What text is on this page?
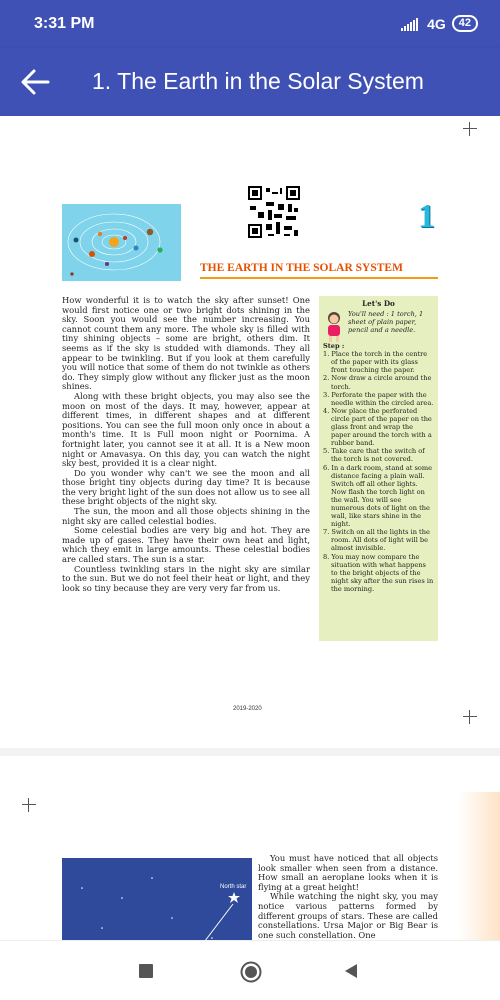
3:31 PM	4G	42
1. The Earth in the Solar System
1
THE EARTH IN THE SOLAR SYSTEM

How wonderful it is to watch the sky after sunset! One would first notice one or two bright dots shining in the sky. Soon you would see the number increasing. You cannot count them any more. The whole sky is filled with tiny shining objects – some are bright, others dim. It seems as if the sky is studded with diamonds. They all appear to be twinkling. But if you look at them carefully you will notice that some of them do not twinkle as others do. They simply glow without any flicker just as the moon shines.

Along with these bright objects, you may also see the moon on most of the days. It may, however, appear at different times, in different shapes and at different positions. You can see the full moon only once in about a month's time. It is Full moon night or Poornima. A fortnight later, you cannot see it at all. It is a New moon night or Amavasya. On this day, you can watch the night sky best, provided it is a clear night.

Do you wonder why can't we see the moon and all those bright tiny objects during day time? It is because the very bright light of the sun does not allow us to see all these bright objects of the night sky.

The sun, the moon and all those objects shining in the night sky are called celestial bodies.

Some celestial bodies are very big and hot. They are made up of gases. They have their own heat and light, which they emit in large amounts. These celestial bodies are called stars. The sun is a star.

Countless twinkling stars in the night sky are similar to the sun. But we do not feel their heat or light, and they look so tiny because they are very very far from us.

Let's Do
You'll need : 1 torch, 1 sheet of plain paper, pencil and a needle.
Step :
1. Place the torch in the centre of the paper with its glass front touching the paper.
2. Now draw a circle around the torch.
3. Perforate the paper with the needle within the circled area.
4. Now place the perforated circle part of the paper on the glass front and wrap the paper around the torch with a rubber band.
5. Take care that the switch of the torch is not covered.
6. In a dark room, stand at some distance facing a plain wall. Switch off all other lights. Now flash the torch light on the wall. You will see numerous dots of light on the wall, like stars shine in the night.
7. Switch on all the lights in the room. All dots of light will be almost invisible.
8. You may now compare the situation with what happens to the bright objects of the night sky after the sun rises in the morning.
2019-2020
North star

You must have noticed that all objects look smaller when seen from a distance. How small an aeroplane looks when it is flying at a great height!

While watching the night sky, you may notice various patterns formed by different groups of stars. These are called constellations. Ursa Major or Big Bear is one such constellation. One
